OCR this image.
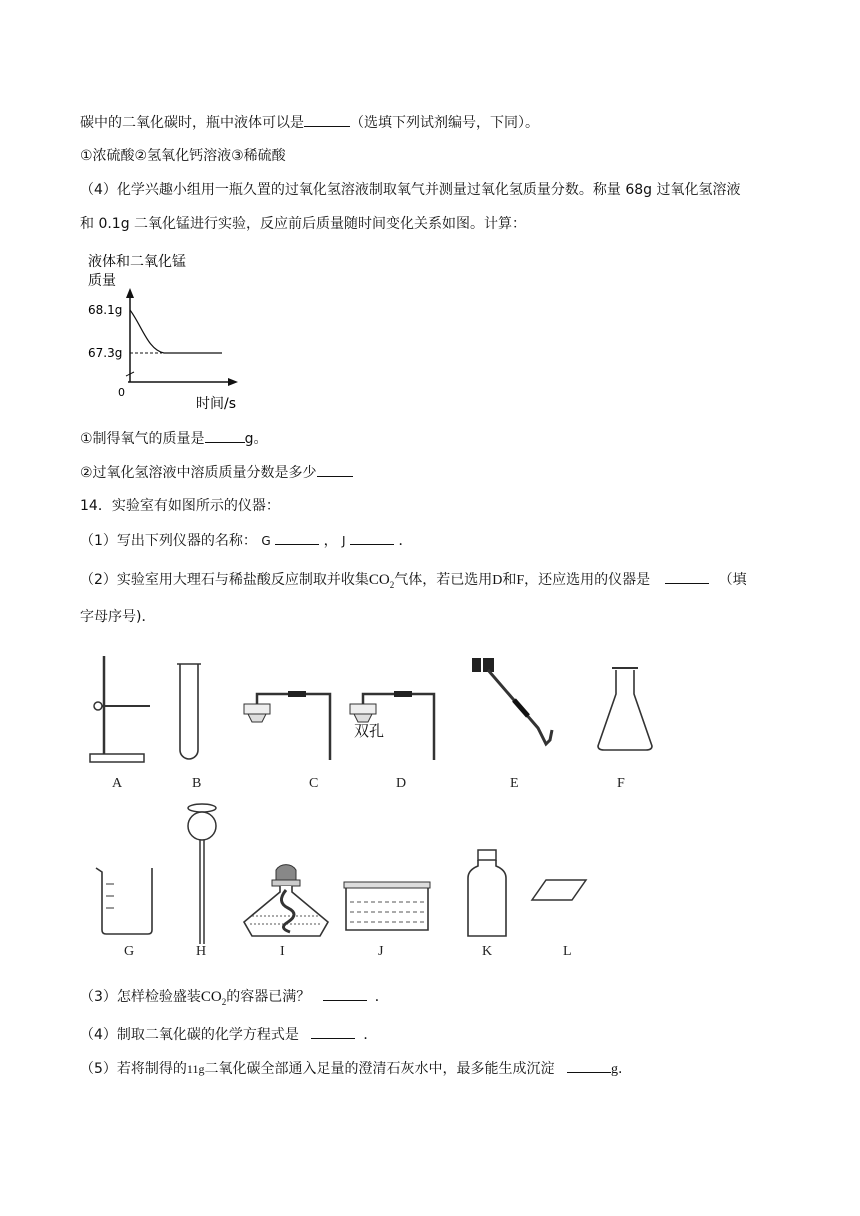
碳中的二氧化碳时，瓶中液体可以是	（选填下列试剂编号，下同）。
①浓硫酸②氢氧化钙溶液③稀硫酸
（4）化学兴趣小组用一瓶久置的过氧化氢溶液制取氧气并测量过氧化氢质量分数。称量 68g 过氧化氢溶液
和 0.1g 二氧化锰进行实验，反应前后质量随时间变化关系如图。计算：
液体和二氧化锰
质量
68.1g
67.3g
0
时间/s
①制得氧气的质量是	g。
②过氧化氢溶液中溶质质量分数是多少
14．实验室有如图所示的仪器：
（1）写出下列仪器的名称： G	， J	．
（2）实验室用大理石与稀盐酸反应制取并收集$CO_2$气体，若已选用D和F，还应选用的仪器是	（填
字母序号)．
双孔
A	B	C	D	E	F
G	H	I	J	K	L
（3）怎样检验盛装$CO_2$的容器已满？	．
（4）制取二氧化碳的化学方程式是	．
（5）若将制得的11g二氧化碳全部通入足量的澄清石灰水中，最多能生成沉淀	g.
